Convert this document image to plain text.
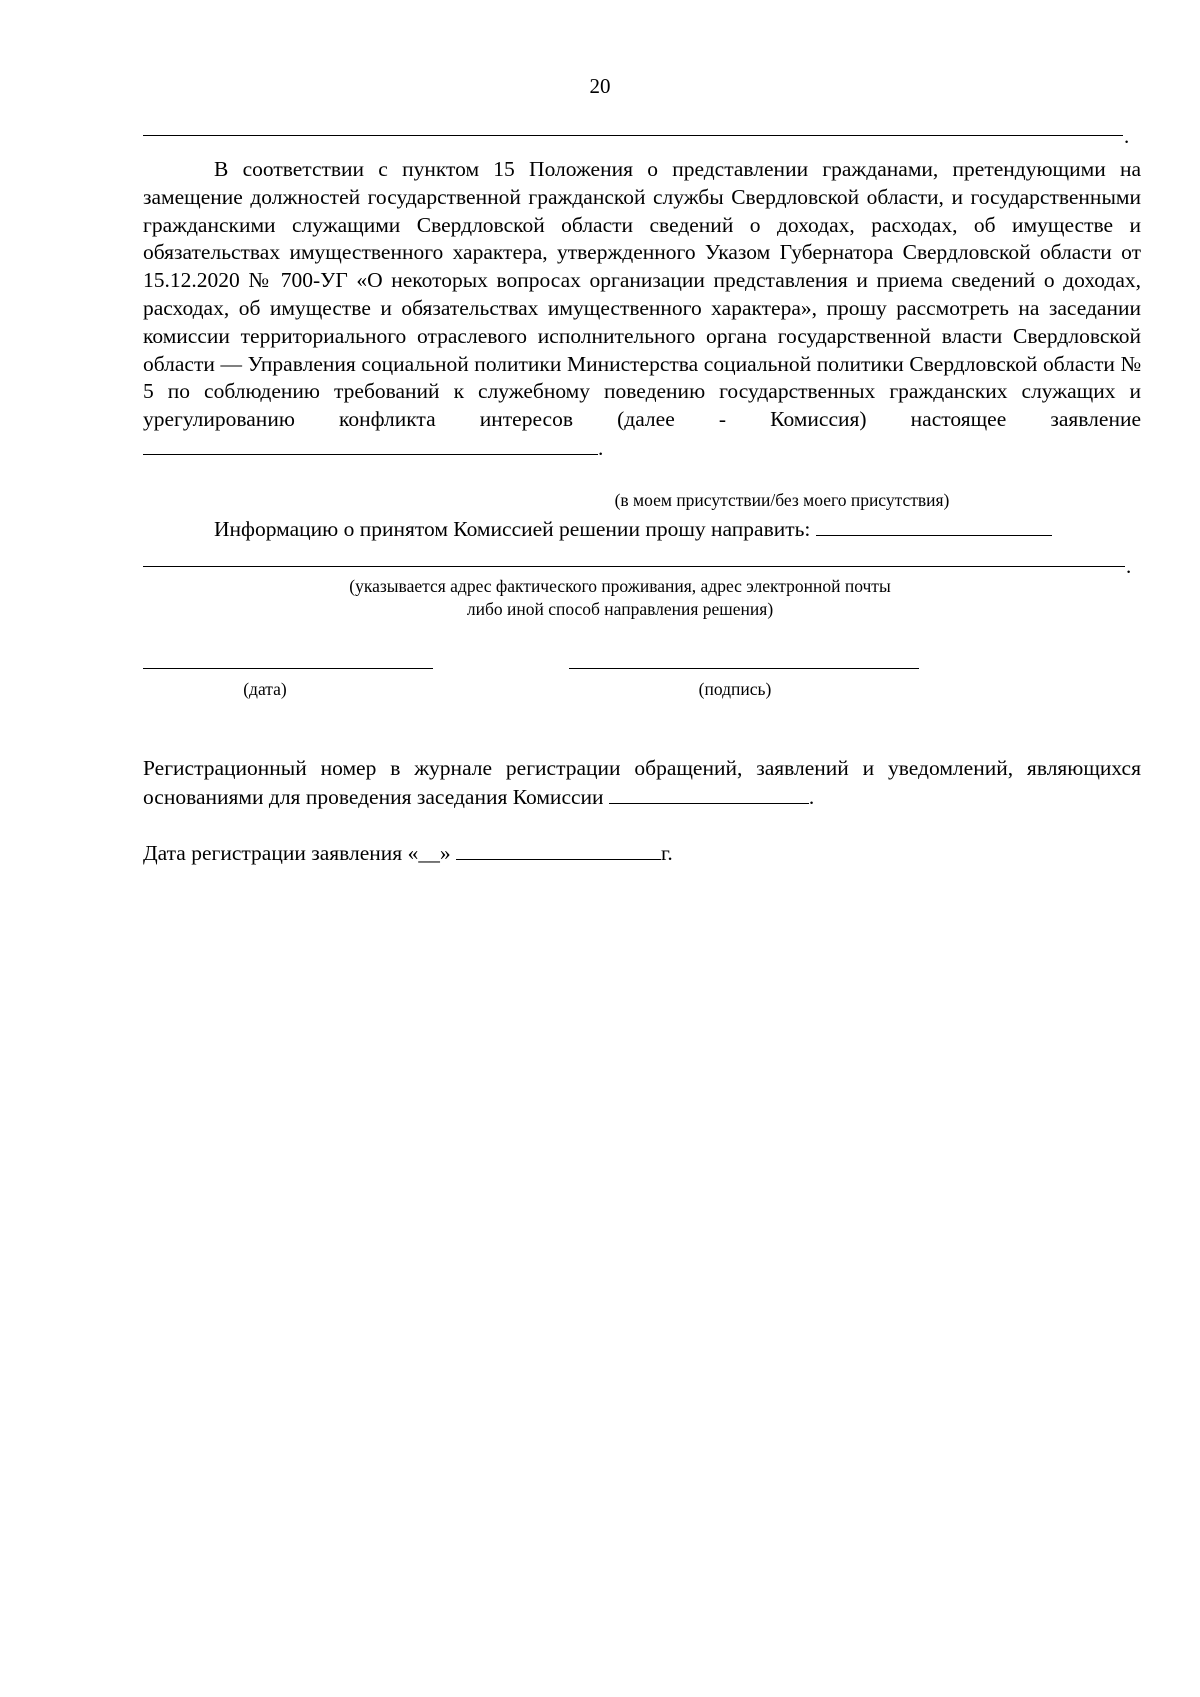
20
.

В соответствии с пунктом 15 Положения о представлении гражданами, претендующими на замещение должностей государственной гражданской службы Свердловской области, и государственными гражданскими служащими Свердловской области сведений о доходах, расходах, об имуществе и обязательствах имущественного характера, утвержденного Указом Губернатора Свердловской области от 15.12.2020 № 700-УГ «О некоторых вопросах организации представления и приема сведений о доходах, расходах, об имуществе и обязательствах имущественного характера», прошу рассмотреть на заседании комиссии территориального отраслевого исполнительного органа государственной власти Свердловской области — Управления социальной политики Министерства социальной политики Свердловской области № 5 по соблюдению требований к служебному поведению государственных гражданских служащих и урегулированию конфликта интересов (далее - Комиссия) настоящее заявление.

(в моем присутствии/без моего присутствия)
Информацию о принятом Комиссией решении прошу направить:
.
(указывается адрес фактического проживания, адрес электронной почты
либо иной способ направления решения)
(дата)	(подпись)

Регистрационный номер в журнале регистрации обращений, заявлений и уведомлений, являющихся основаниями для проведения заседания Комиссии	.

Дата регистрации заявления «__»	г.
